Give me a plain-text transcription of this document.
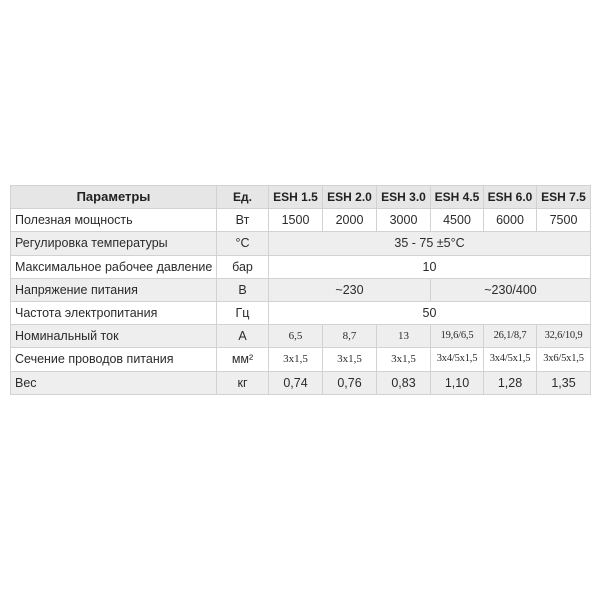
Параметры	Ед.	ESH 1.5	ESH 2.0	ESH 3.0	ESH 4.5	ESH 6.0	ESH 7.5
Полезная мощность	Вт	1500	2000	3000	4500	6000	7500
Регулировка температуры	°C	35 - 75 ±5°C					
Максимальное рабочее давление	бар	10					
Напряжение питания	В	~230			~230/400		
Частота электропитания	Гц	50					
Номинальный ток	А	6,5	8,7	13	19,6/6,5	26,1/8,7	32,6/10,9
Сечение проводов питания	мм²	3x1,5	3x1,5	3x1,5	3x4/5x1,5	3x4/5x1,5	3x6/5x1,5
Вес	кг	0,74	0,76	0,83	1,10	1,28	1,35
